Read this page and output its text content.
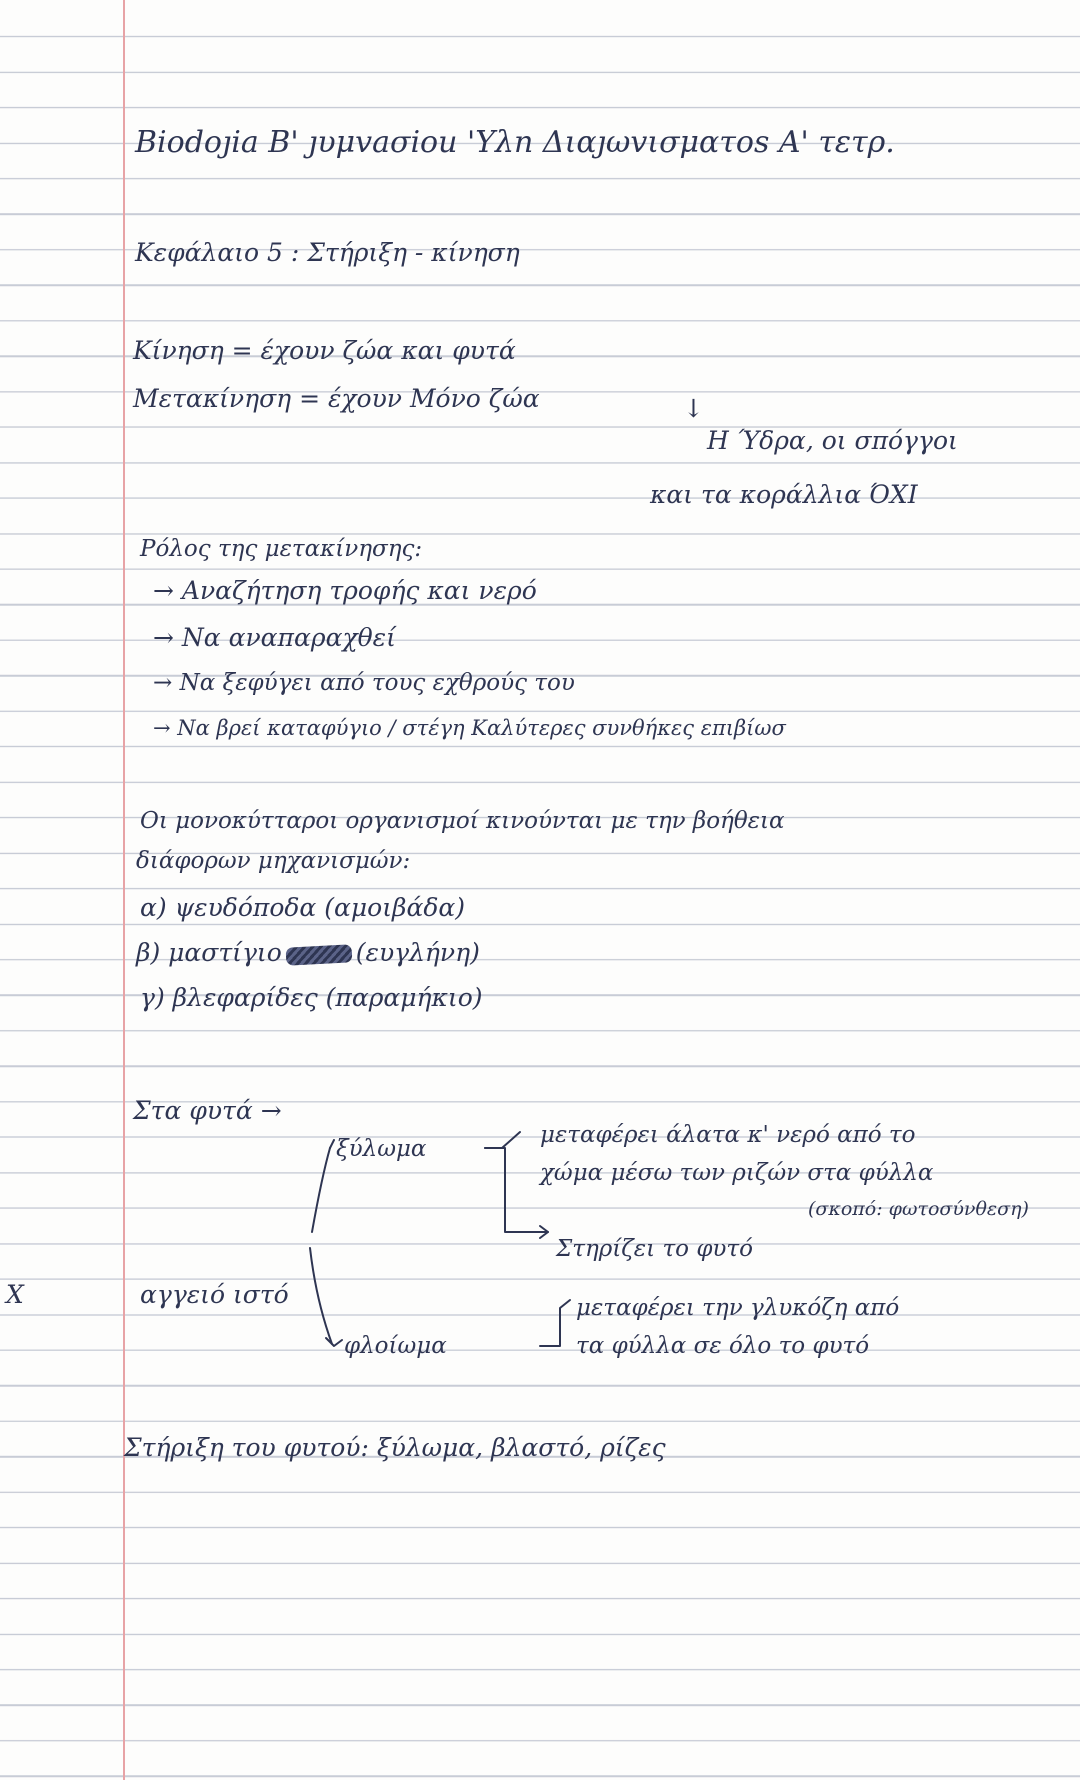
Biodoȷia B' ȷυμvaσiou 'Yλn Διαȷωvισματos A' τετρ.
Κεφάλαιο 5 : Στήριξη - κίνηση
Κίνηση = έχουν ζώα και φυτά
Μετακίνηση = έχουν Μόνο ζώα	↓
Η Ύδρα, οι σπόγγοι
και τα κοράλλια ΌΧΙ
Ρόλος της μετακίνησης:
→ Αναζήτηση τροφής και νερό
→ Να αναπαραχθεί
→ Να ξεφύγει από τους εχθρούς του
→ Να βρεί καταφύγιο / στέγη Καλύτερες συνθήκες επιβίωσ
Οι μονοκύτταροι οργανισμοί κινούνται με την βοήθεια
διάφορων μηχανισμών:
α) ψευδόποδα (αμοιβάδα)
β) μαστίγιο	(ευγλήνη)
γ) βλεφαρίδες (παραμήκιο)
Στα φυτά →
ξύλωμα
μεταφέρει άλατα κ' νερό από το
χώμα μέσω των ριζών στα φύλλα
(σκοπό: φωτοσύνθεση)
Στηρίζει το φυτό
X	αγγειό ιστό	μεταφέρει την γλυκόζη από
φλοίωμα	τα φύλλα σε όλο το φυτό
Στήριξη του φυτού: ξύλωμα, βλαστό, ρίζες
